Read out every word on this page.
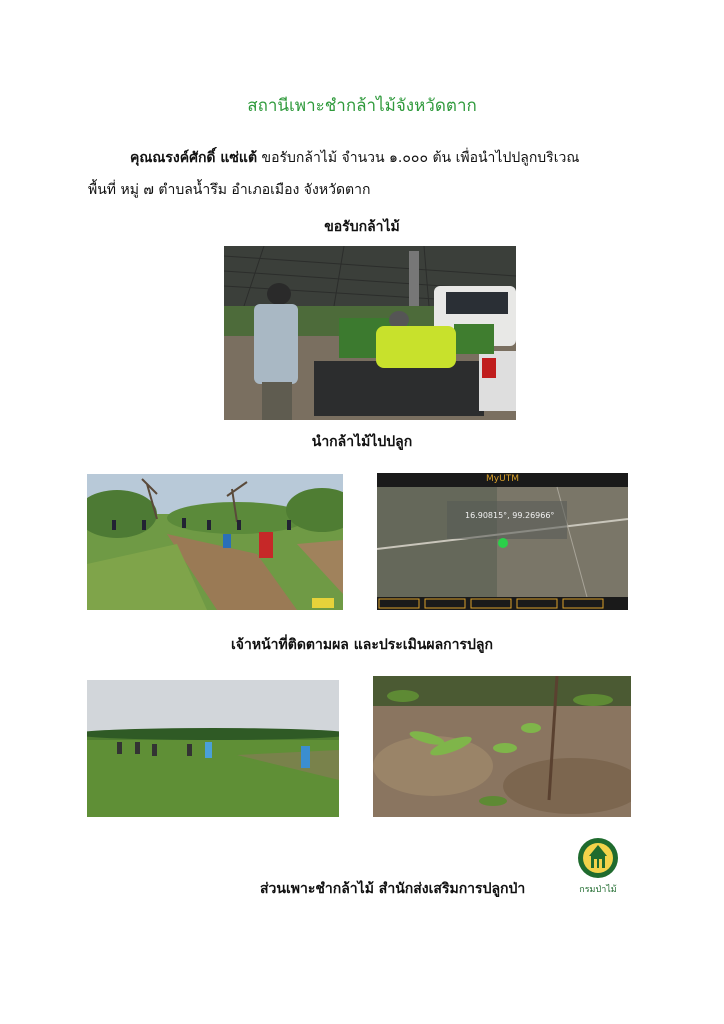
สถานีเพาะชำกล้าไม้จังหวัดตาก
คุณณรงค์ศักดิ์ แซ่แต้ ขอรับกล้าไม้ จำนวน ๑.๐๐๐ ต้น เพื่อนำไปปลูกบริเวณ
พื้นที่ หมู่ ๗ ตำบลน้ำรึม อำเภอเมือง จังหวัดตาก
ขอรับกล้าไม้
นำกล้าไม้ไปปลูก
MyUTM
16.90815°, 99.26966°
เจ้าหน้าที่ติดตามผล และประเมินผลการปลูก
ส่วนเพาะชำกล้าไม้ สำนักส่งเสริมการปลูกป่า	กรมป่าไม้
